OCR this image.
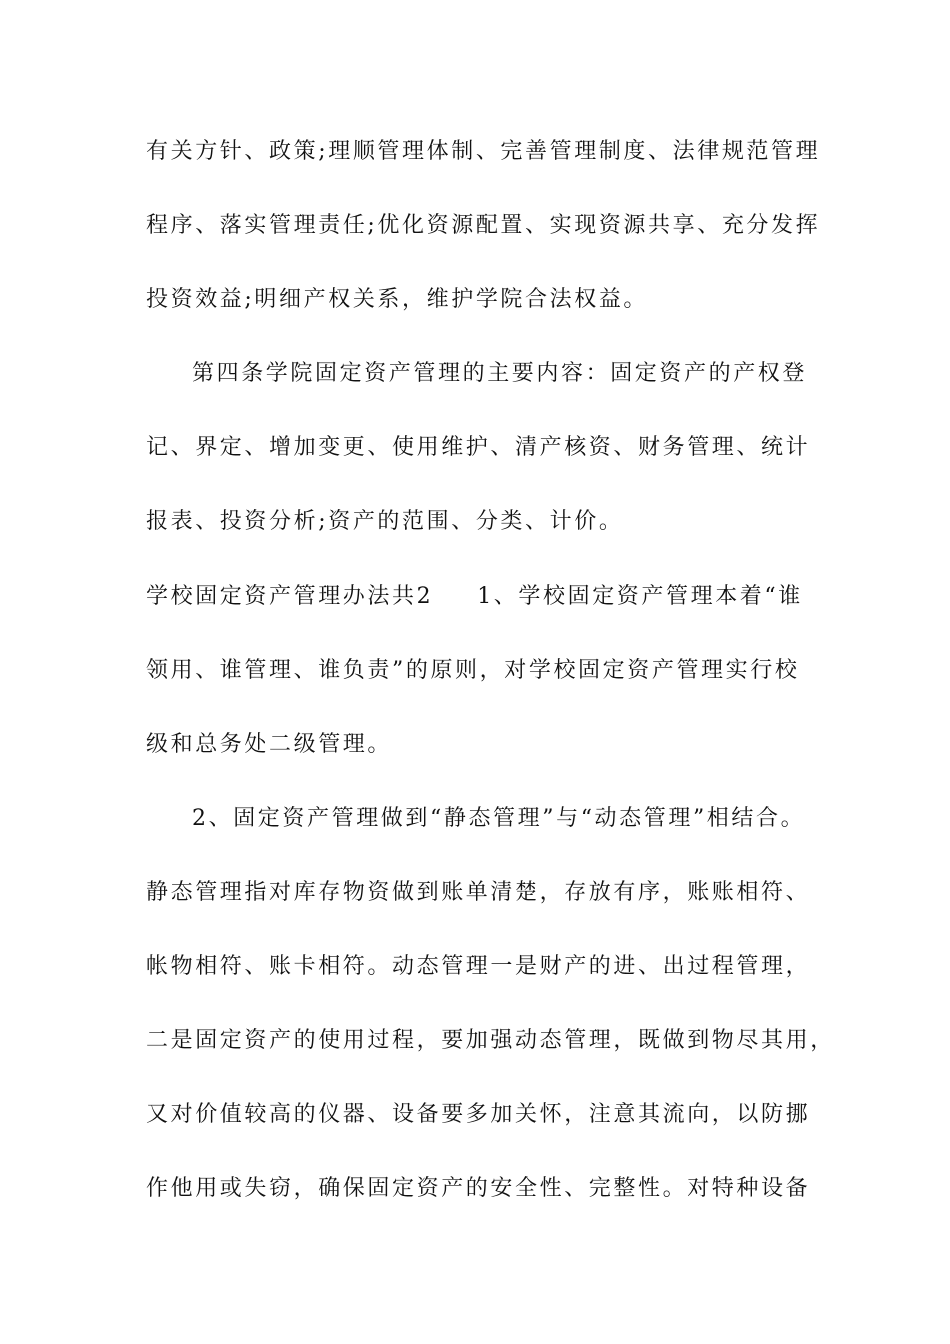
有关方针、政策;理顺管理体制、完善管理制度、法律规范管理
程序、落实管理责任;优化资源配置、实现资源共享、充分发挥
投资效益;明细产权关系，维护学院合法权益。
第四条学院固定资产管理的主要内容：固定资产的产权登
记、界定、增加变更、使用维护、清产核资、财务管理、统计
报表、投资分析;资产的范围、分类、计价。
学校固定资产管理办法共2 1、学校固定资产管理本着“谁
领用、谁管理、谁负责”的原则，对学校固定资产管理实行校
级和总务处二级管理。
2、固定资产管理做到“静态管理”与“动态管理”相结合。
静态管理指对库存物资做到账单清楚，存放有序，账账相符、
帐物相符、账卡相符。动态管理一是财产的进、出过程管理，
二是固定资产的使用过程，要加强动态管理，既做到物尽其用，
又对价值较高的仪器、设备要多加关怀，注意其流向，以防挪
作他用或失窃，确保固定资产的安全性、完整性。对特种设备
